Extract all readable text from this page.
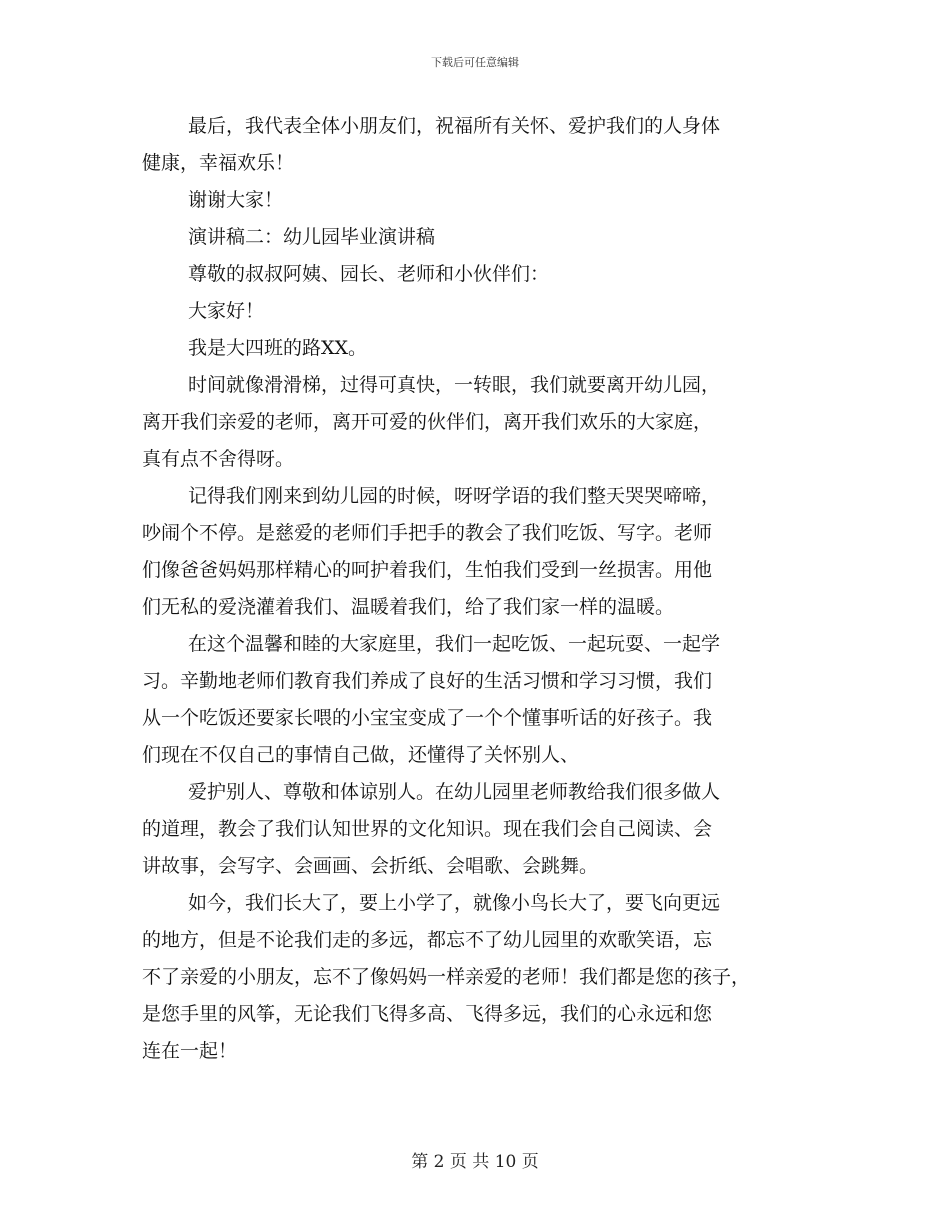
下载后可任意编辑
最后，我代表全体小朋友们，祝福所有关怀、爱护我们的人身体
健康，幸福欢乐！
谢谢大家！
演讲稿二：幼儿园毕业演讲稿
尊敬的叔叔阿姨、园长、老师和小伙伴们：
大家好！
我是大四班的路XX。
时间就像滑滑梯，过得可真快，一转眼，我们就要离开幼儿园，
离开我们亲爱的老师，离开可爱的伙伴们，离开我们欢乐的大家庭，
真有点不舍得呀。
记得我们刚来到幼儿园的时候，呀呀学语的我们整天哭哭啼啼，
吵闹个不停。是慈爱的老师们手把手的教会了我们吃饭、写字。老师
们像爸爸妈妈那样精心的呵护着我们，生怕我们受到一丝损害。用他
们无私的爱浇灌着我们、温暖着我们，给了我们家一样的温暖。
在这个温馨和睦的大家庭里，我们一起吃饭、一起玩耍、一起学
习。辛勤地老师们教育我们养成了良好的生活习惯和学习习惯，我们
从一个吃饭还要家长喂的小宝宝变成了一个个懂事听话的好孩子。我
们现在不仅自己的事情自己做，还懂得了关怀别人、
爱护别人、尊敬和体谅别人。在幼儿园里老师教给我们很多做人
的道理，教会了我们认知世界的文化知识。现在我们会自己阅读、会
讲故事，会写字、会画画、会折纸、会唱歌、会跳舞。
如今，我们长大了，要上小学了，就像小鸟长大了，要飞向更远
的地方，但是不论我们走的多远，都忘不了幼儿园里的欢歌笑语，忘
不了亲爱的小朋友，忘不了像妈妈一样亲爱的老师！我们都是您的孩子，
是您手里的风筝，无论我们飞得多高、飞得多远，我们的心永远和您
连在一起！
第 2 页 共 10 页
